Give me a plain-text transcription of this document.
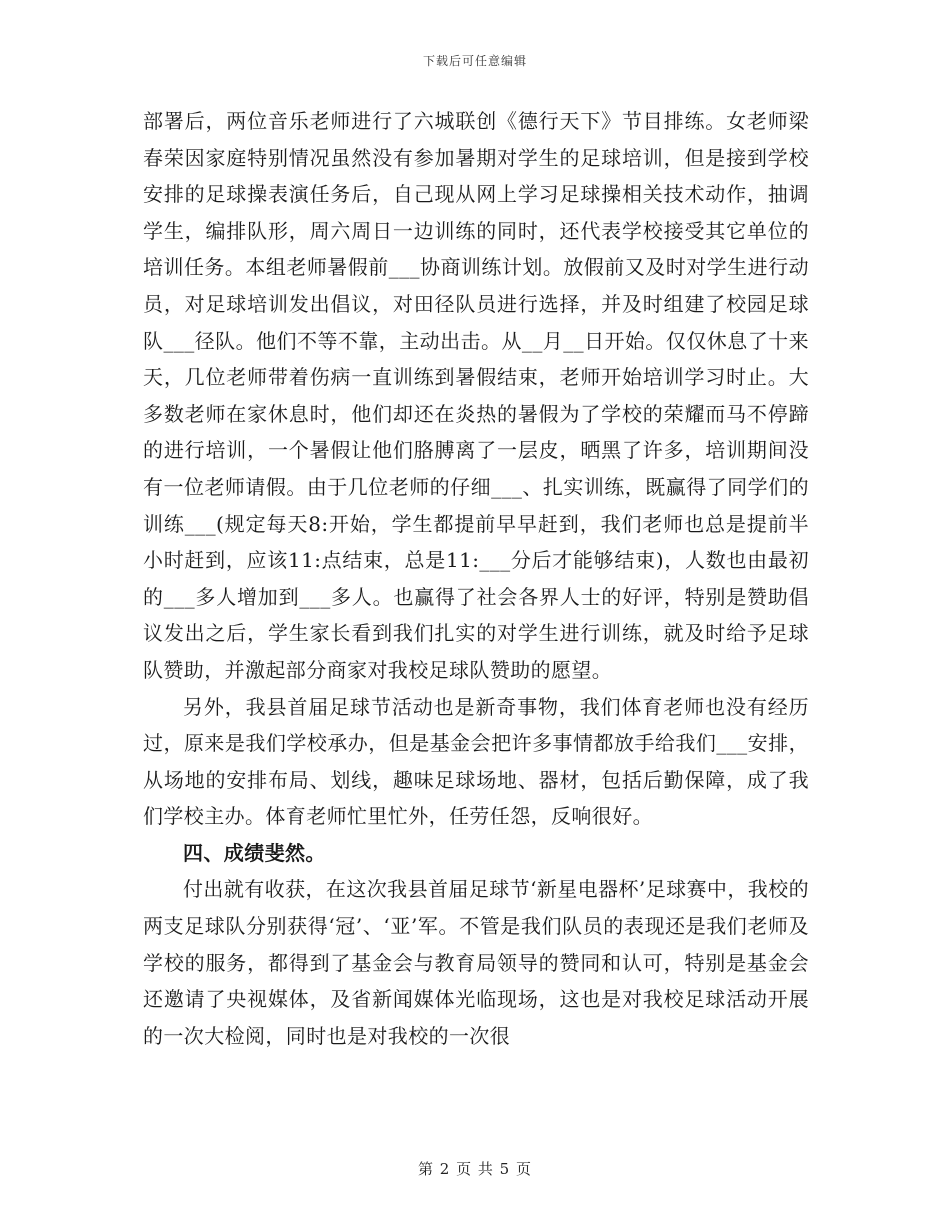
下载后可任意编辑

部署后，两位音乐老师进行了六城联创《德行天下》节目排练。女老师梁春荣因家庭特别情况虽然没有参加暑期对学生的足球培训，但是接到学校安排的足球操表演任务后，自己现从网上学习足球操相关技术动作，抽调学生，编排队形，周六周日一边训练的同时，还代表学校接受其它单位的培训任务。本组老师暑假前___协商训练计划。放假前又及时对学生进行动员，对足球培训发出倡议，对田径队员进行选择，并及时组建了校园足球队___径队。他们不等不靠，主动出击。从__月__日开始。仅仅休息了十来天，几位老师带着伤病一直训练到暑假结束，老师开始培训学习时止。大多数老师在家休息时，他们却还在炎热的暑假为了学校的荣耀而马不停蹄的进行培训，一个暑假让他们胳膊离了一层皮，晒黑了许多，培训期间没有一位老师请假。由于几位老师的仔细___、扎实训练，既赢得了同学们的训练___(规定每天8:开始，学生都提前早早赶到，我们老师也总是提前半小时赶到，应该11:点结束，总是11:___分后才能够结束)，人数也由最初的___多人增加到___多人。也赢得了社会各界人士的好评，特别是赞助倡议发出之后，学生家长看到我们扎实的对学生进行训练，就及时给予足球队赞助，并激起部分商家对我校足球队赞助的愿望。

另外，我县首届足球节活动也是新奇事物，我们体育老师也没有经历过，原来是我们学校承办，但是基金会把许多事情都放手给我们___安排，从场地的安排布局、划线，趣味足球场地、器材，包括后勤保障，成了我们学校主办。体育老师忙里忙外，任劳任怨，反响很好。

四、成绩斐然。

付出就有收获，在这次我县首届足球节‘新星电器杯’足球赛中，我校的两支足球队分别获得‘冠’、‘亚’军。不管是我们队员的表现还是我们老师及学校的服务，都得到了基金会与教育局领导的赞同和认可，特别是基金会还邀请了央视媒体，及省新闻媒体光临现场，这也是对我校足球活动开展的一次大检阅，同时也是对我校的一次很

第 2 页 共 5 页
